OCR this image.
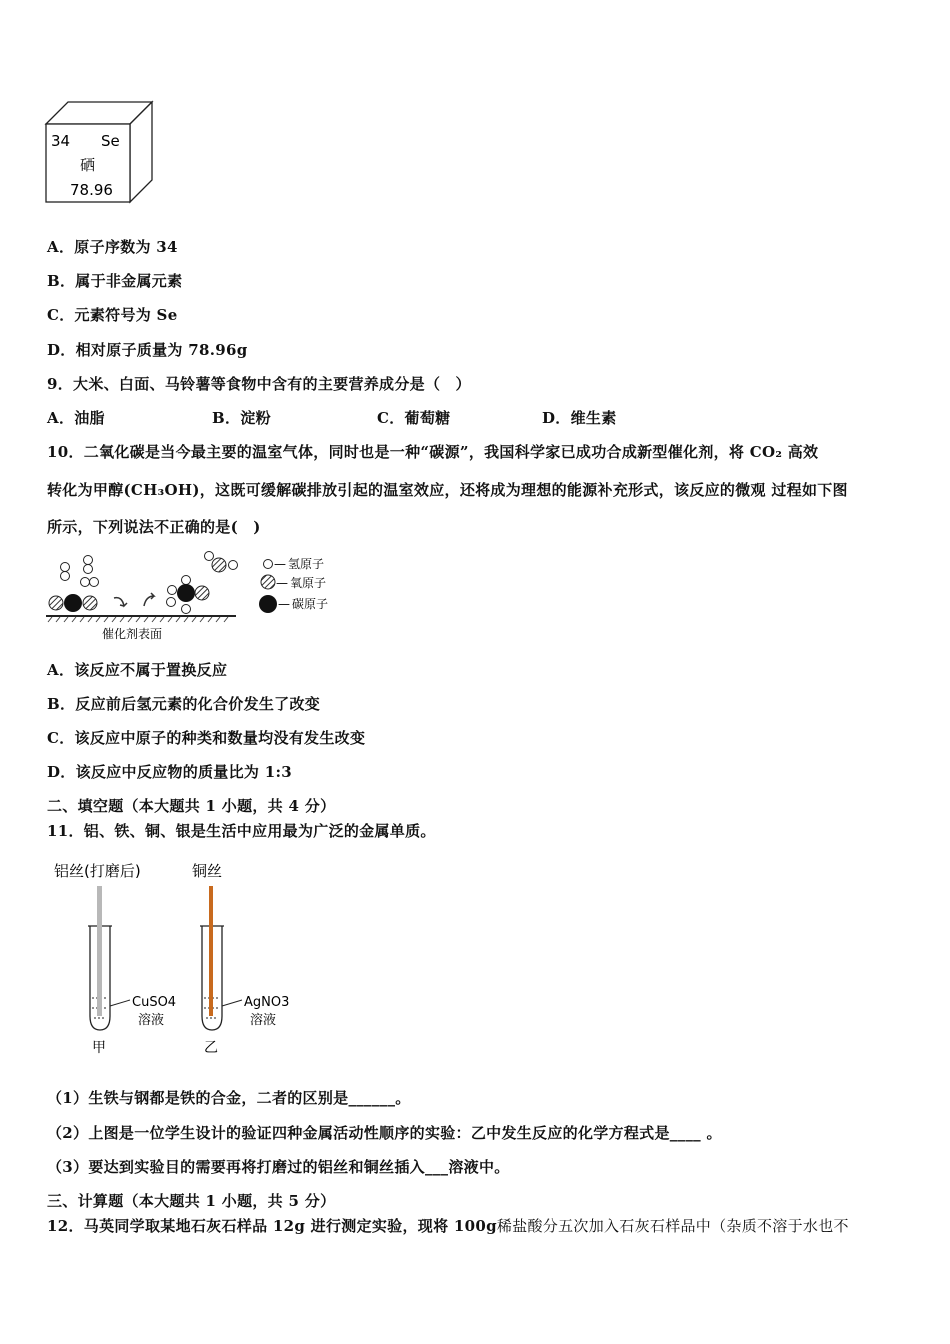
34 Se
硒
78.96
A．原子序数为 34
B．属于非金属元素
C．元素符号为 Se
D．相对原子质量为 78.96g
9．大米、白面、马铃薯等食物中含有的主要营养成分是（　）
A．油脂	B．淀粉	C．葡萄糖	D．维生素
10．二氧化碳是当今最主要的温室气体，同时也是一种“碳源”，我国科学家已成功合成新型催化剂，将 CO₂ 高效
转化为甲醇(CH₃OH)，这既可缓解碳排放引起的温室效应，还将成为理想的能源补充形式，该反应的微观 过程如下图
所示，下列说法不正确的是(　)
催化剂表面
— 氢原子
— 氧原子
— 碳原子
A．该反应不属于置换反应
B．反应前后氢元素的化合价发生了改变
C．该反应中原子的种类和数量均没有发生改变
D．该反应中反应物的质量比为 1:3
二、填空题（本大题共 1 小题，共 4 分）
11．铝、铁、铜、银是生活中应用最为广泛的金属单质。
铝丝(打磨后)	铜丝
CuSO4
溶液
甲
AgNO3
溶液
乙
（1）生铁与钢都是铁的合金，二者的区别是______。
（2）上图是一位学生设计的验证四种金属活动性顺序的实验：乙中发生反应的化学方程式是____ 。
（3）要达到实验目的需要再将打磨过的铝丝和铜丝插入___溶液中。
三、计算题（本大题共 1 小题，共 5 分）
12．马英同学取某地石灰石样品 12g 进行测定实验，现将 100g稀盐酸分五次加入石灰石样品中（杂质不溶于水也不
